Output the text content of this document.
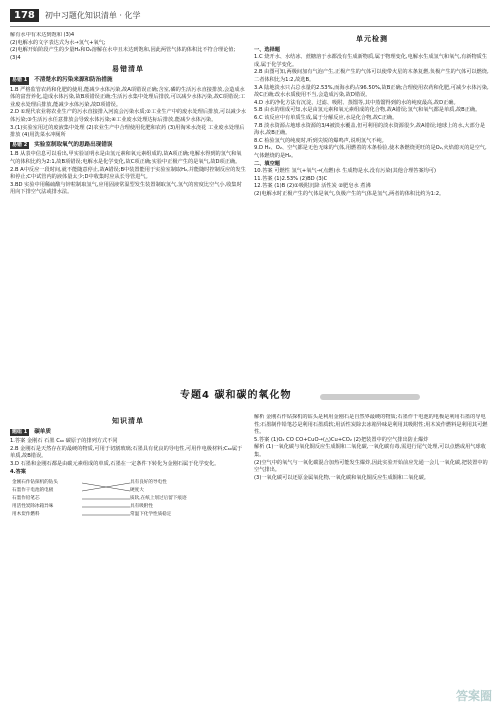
178	初中习题化知识清单 · 化学

解有水中有末达到饱和 (3)4

(2)电解水的文字表达式为水→氢气+氧气;

(2)电解开始阶段产生的少量H₂和O₂溶解在水中且未达到饱和,因此两管气体的体积比不符合理论值;

(3)4

易错清单
易错 1 不清楚水的污染来源和防治措施

1.B 严格监管农药和化肥的使用,能减少水体污染,故A项错误正确;含室,磷的生活污水直接排放,会造成水体的富营养化,造成水体污染,故B项错误正确;生活污水集中处理后排放,可以减少水体污染,故C项错误;工业废水处理后排放,能减少水体污染,故D项错误。

2.D ①现代农业将农业生产的污水直接排入河流会污染水质;②工业生产中的废水处理后排放,可以减少水体污染;③生活污水任意排放会导致水体污染;④工业废水处理达标后排放,能减少水体污染。

3.(1)实验室用过的废液集中处理 (2)农业生产中合理使用化肥和农药 (3)用淘米水浇花 工业废水处理后排放 (4)用洗菜水冲厕所

易错 2 实验室制取氧气的思路出现错误

1.B 从表中信息可以看出,甲实验证明水是由氢元素和氧元素组成的,故A项正确;电解水得到的氢气和氧气的体积比约为2:1,故B项错误;电解水是化学变化,故C项正确;实验中正极产生的是氧气,故D项正确。

2.B A中反应一段时间,就不能随意停止,故A错误;B中装置能用于实验室制取H₂,并能随时控制反应的发生和停止;C中试管内的液体量太少;D中收集时应从长导管进气。

3.BD 实验中用稀硫酸与锌粒制取氢气,应用固液常温型发生装置制取氢气,氢气的密度比空气小,收集时用向下排空气法或排水法。

单元检测

一、选择题

1.C 烧开水、水结冰、蔗糖溶于水都没有生成新物质,属于物理变化,电解水生成氢气和氧气,有新物质生成,属于化学变化。

2.B 由图可知,两极间加有气泡产生,正极产生的气体可以使带火星的木条复燃,负极产生的气体可以燃烧,二者体积比为1:2,故选B。

3.A 陆地淡水只占总水量的2.53%,而海水约占96.50%,故B正确;合理使用农药和化肥,可减少水体污染,故C正确;改水水质使用不当,会造成污染,故D错误。

4.D 水的净化方法有沉淀、过滤、吸附、蒸馏等,其中蒸馏得到的水的纯度最高,故D正确。

5.B 由水的组成可知,水是由氢元素和氧元素组成的化合物,故A错误;氢气和氧气都是单质,故B正确。

6.C 该反应中有单质生成,属于分解反应,水是化合物,故C正确。

7.B 淡水资源占地球水资源的3/4被淡水覆盖,但可利用的淡水资源很少,故A错误;地球上的水,大部分是海水,故B正确。

8.C 检验氢气的纯度时,听到尖锐的爆鸣声,说明氢气不纯。

9.D H₂、O₂、空气都是无色无味的气体,用燃着的木条检验,使木条燃烧更旺的是O₂,火焰熄灭的是空气,气体燃烧的是H₂。

二、填空题

10.答案 可燃性 氢气+氧气→(点燃)水 生成物是水,没有污染(其他合理答案均可)

11.答案 (1)2.53% (2)BD (3)C

12.答案 (1)B (2)①吸附沉降 活性炭 ②肥皂水 煮沸

(2)电解水时正极产生的气体是氧气,负极产生的气体是氢气,两者的体积比约为1:2。

专题4 碳和碳的氧化物
知识清单
题组 1 碳单质

1.答案 金刚石 石墨 C₆₀ 碳原子的排列方式不同

2.B 金刚石是天然存在的最硬的物质,可用于切割玻璃;石墨具有优良的导电性,可用作电极材料;C₆₀属于单质,故B错误。

3.D 石墨和金刚石都是由碳元素组成的单质,石墨在一定条件下转化为金刚石属于化学变化。

4.答案

金刚石作钻探机的钻头
石墨作干电池的电极
石墨作铅笔芯
用活性炭除冰箱异味
用木炭作燃料
具有良好的导电性
硬度大
质软,在纸上划过后留下痕迹
具有吸附性
常温下化学性质稳定

解析 金刚石作钻探机的钻头是利用金刚石是自然界最硬的物质;石墨作干电池的电极是利用石墨的导电性;石墨制作铅笔芯是利用石墨质软;用活性炭除去冰箱异味是利用其吸附性;用木炭作燃料是利用其可燃性。

5.答案 (1)O₂ CO CO+CuO→(△)Cu+CO₂ (2)把装置中的空气排出防止爆炸

解析 (1)一氧化碳与氧化铜反应生成铜和二氧化碳,一氧化碳有毒,需进行尾气处理,可以点燃或用气球收集。

(2)空气中的氧气与一氧化碳混合加热可能发生爆炸,因此实验开始前应先通一会儿一氧化碳,把装置中的空气排出。

(3)一氧化碳可以还原金属氧化物,一氧化碳和氧化铜反应生成铜和二氧化碳。

答案圈
